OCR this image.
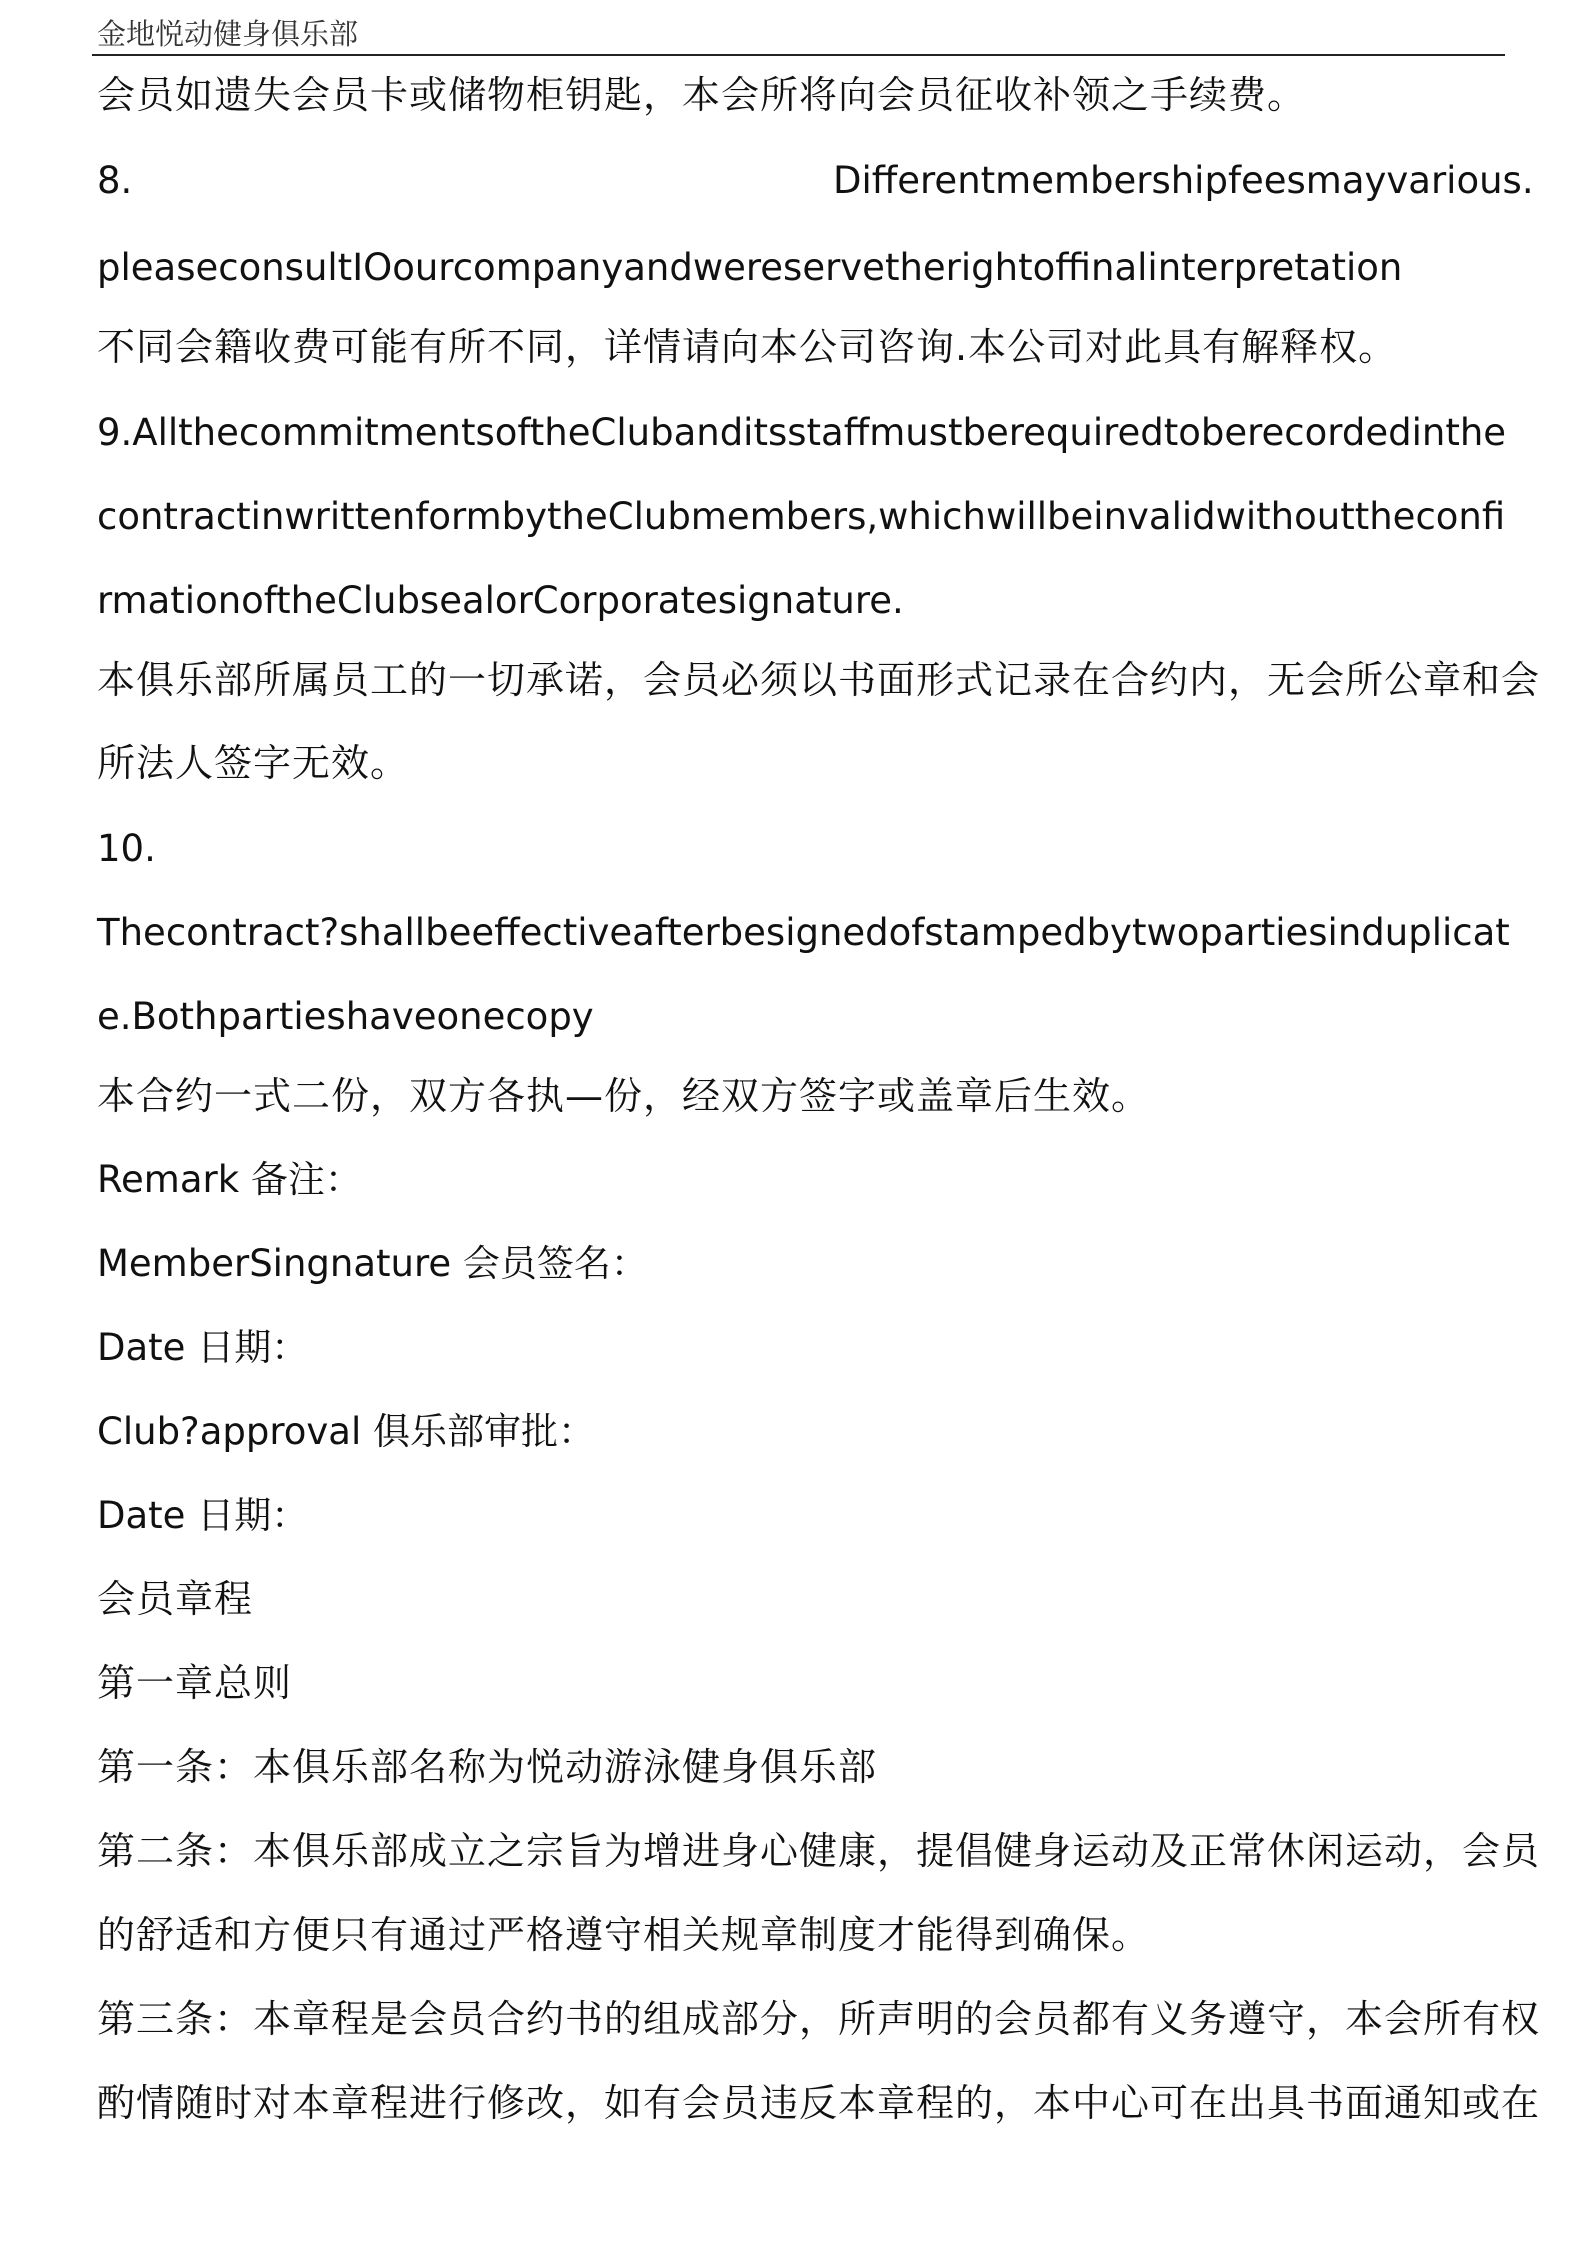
金地悦动健身俱乐部
会员如遗失会员卡或储物柜钥匙，本会所将向会员征收补领之手续费。
8.	Differentmembershipfeesmayvarious.
pleaseconsultIOourcompanyandwereservetherightoffinalinterpretation
不同会籍收费可能有所不同，详情请向本公司咨询.本公司对此具有解释权。
9.AllthecommitmentsoftheClubanditsstaffmustberequiredtoberecordedinthe
contractinwrittenformbytheClubmembers,whichwillbeinvalidwithouttheconfi
rmationoftheClubsealorCorporatesignature.
本俱乐部所属员工的一切承诺，会员必须以书面形式记录在合约内，无会所公章和会
所法人签字无效。
10.
Thecontract?shallbeeffectiveafterbesignedofstampedbytwopartiesinduplicat
e.Bothpartieshaveonecopy
本合约一式二份，双方各执—份，经双方签字或盖章后生效。
Remark 备注：
MemberSingnature 会员签名：
Date 日期：
Club?approval 俱乐部审批：
Date 日期：
会员章程
第一章总则
第一条：本俱乐部名称为悦动游泳健身俱乐部
第二条：本俱乐部成立之宗旨为增进身心健康，提倡健身运动及正常休闲运动，会员
的舒适和方便只有通过严格遵守相关规章制度才能得到确保。
第三条：本章程是会员合约书的组成部分，所声明的会员都有义务遵守，本会所有权
酌情随时对本章程进行修改，如有会员违反本章程的，本中心可在出具书面通知或在
